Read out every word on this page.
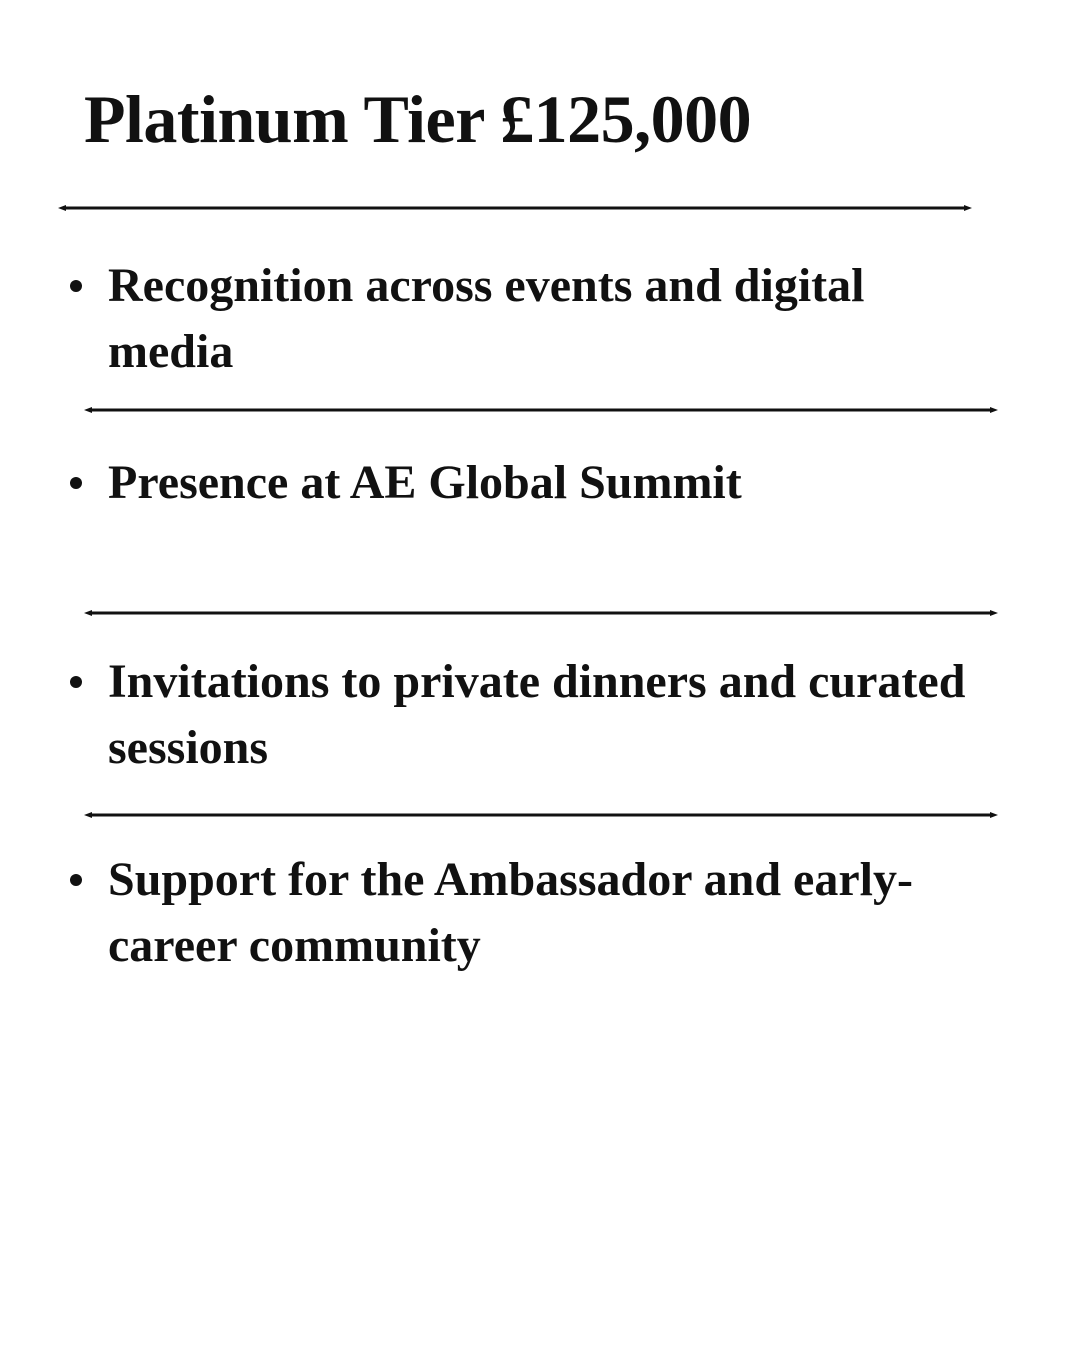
Platinum Tier £125,000

Recognition across events and digital media

Presence at AE Global Summit

Invitations to private dinners and curated sessions

Support for the Ambassador and early-career community
